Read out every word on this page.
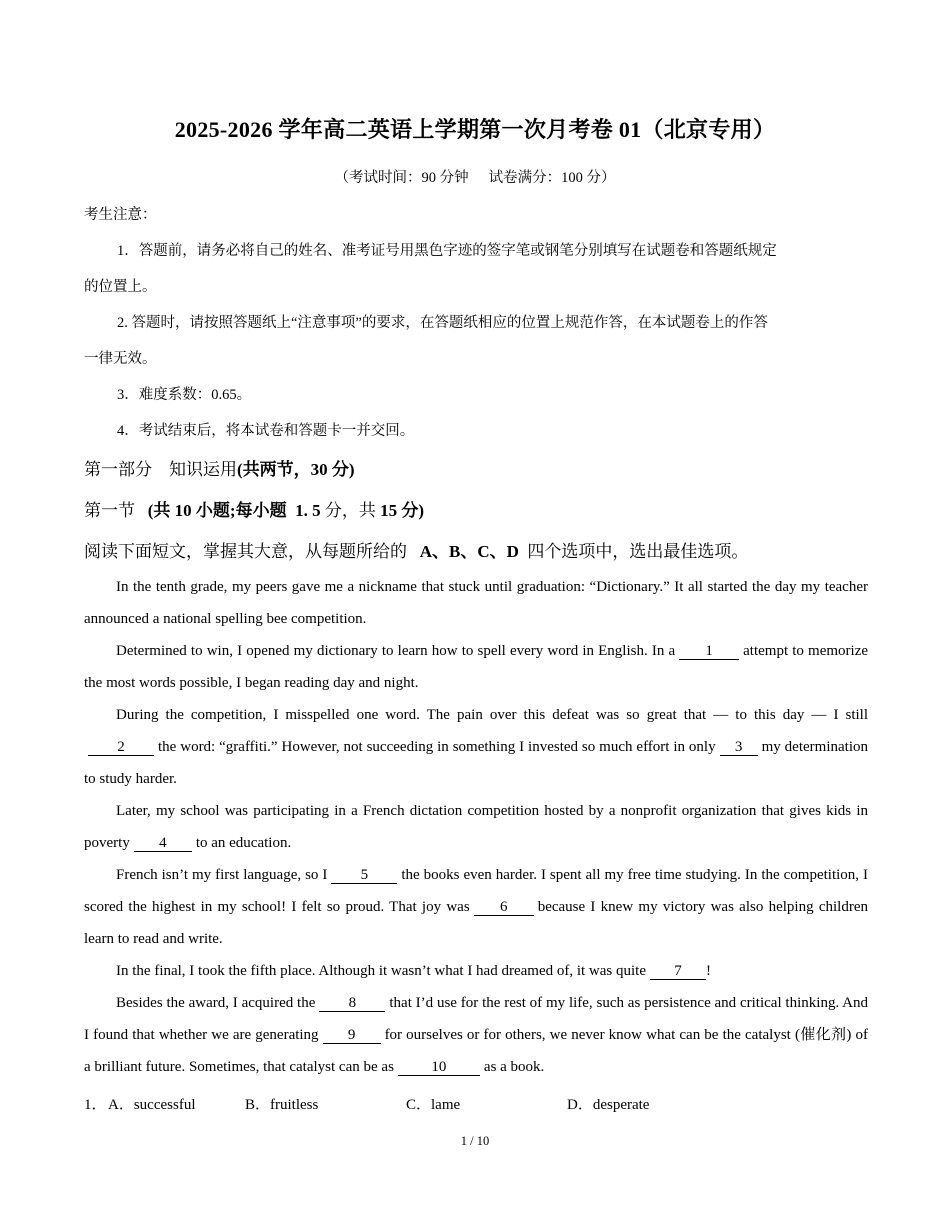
2025-2026 学年高二英语上学期第一次月考卷 01（北京专用）
（考试时间：90 分钟 试卷满分：100 分）
考生注意：
1．答题前，请务必将自己的姓名、准考证号用黑色字迹的签字笔或钢笔分别填写在试题卷和答题纸规定
的位置上。
2. 答题时，请按照答题纸上“注意事项”的要求，在答题纸相应的位置上规范作答，在本试题卷上的作答
一律无效。
3．难度系数：0.65。
4．考试结束后，将本试卷和答题卡一并交回。
第一部分 知识运用(共两节，30 分)
第一节 (共 10 小题;每小题 1. 5 分，共 15 分)
阅读下面短文，掌握其大意，从每题所给的 A、B、C、D 四个选项中，选出最佳选项。
In the tenth grade, my peers gave me a nickname that stuck until graduation: “Dictionary.” It all started the day my teacher announced a national spelling bee competition.
Determined to win, I opened my dictionary to learn how to spell every word in English. In a 1 attempt to memorize the most words possible, I began reading day and night.
During the competition, I misspelled one word. The pain over this defeat was so great that — to this day — I still2 the word: “graffiti.” However, not succeeding in something I invested so much effort in only 3 my determination to study harder.
Later, my school was participating in a French dictation competition hosted by a nonprofit organization that gives kids in poverty 4 to an education.
French isn’t my first language, so I 5 the books even harder. I spent all my free time studying. In the competition, I scored the highest in my school! I felt so proud. That joy was 6 because I knew my victory was also helping children learn to read and write.
In the final, I took the fifth place. Although it wasn’t what I had dreamed of, it was quite 7 !
Besides the award, I acquired the 8 that I’d use for the rest of my life, such as persistence and critical thinking. And I found that whether we are generating 9 for ourselves or for others, we never know what can be the catalyst (催化剂) of a brilliant future. Sometimes, that catalyst can be as	10	as a book.
1． A．successful	B．fruitless	C．lame	D．desperate
1 / 10
